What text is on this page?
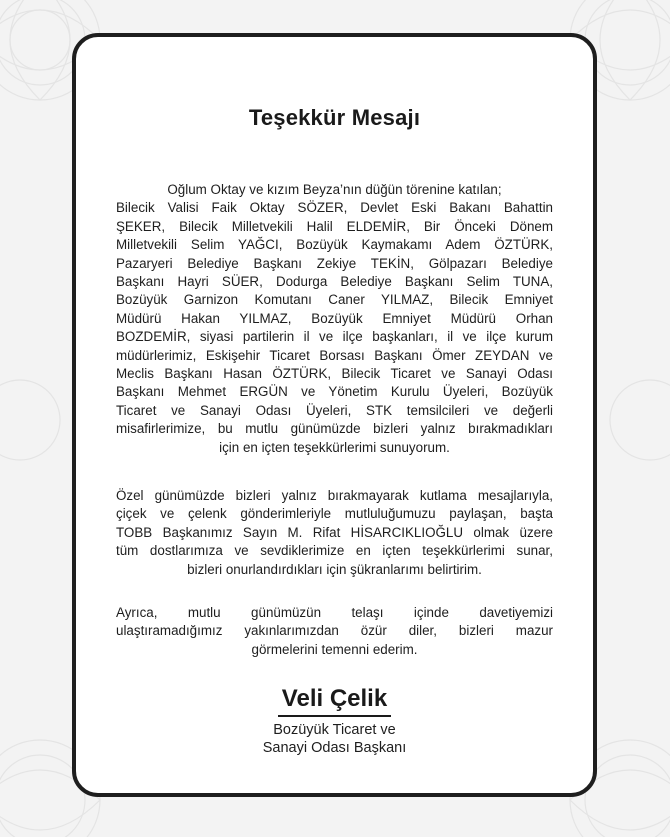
Teşekkür Mesajı
Oğlum Oktay ve kızım Beyza’nın düğün törenine katılan;
Bilecik Valisi Faik Oktay SÖZER, Devlet Eski Bakanı Bahattin
ŞEKER, Bilecik Milletvekili Halil ELDEMİR, Bir Önceki Dönem
Milletvekili Selim YAĞCI, Bozüyük Kaymakamı Adem ÖZTÜRK,
Pazaryeri Belediye Başkanı Zekiye TEKİN, Gölpazarı Belediye
Başkanı Hayri SÜER, Dodurga Belediye Başkanı Selim TUNA,
Bozüyük Garnizon Komutanı Caner YILMAZ, Bilecik Emniyet
Müdürü Hakan YILMAZ, Bozüyük Emniyet Müdürü Orhan
BOZDEMİR, siyasi partilerin il ve ilçe başkanları, il ve ilçe kurum
müdürlerimiz, Eskişehir Ticaret Borsası Başkanı Ömer ZEYDAN ve
Meclis Başkanı Hasan ÖZTÜRK, Bilecik Ticaret ve Sanayi Odası
Başkanı Mehmet ERGÜN ve Yönetim Kurulu Üyeleri, Bozüyük
Ticaret ve Sanayi Odası Üyeleri, STK temsilcileri ve değerli
misafirlerimize, bu mutlu günümüzde bizleri yalnız bırakmadıkları
için en içten teşekkürlerimi sunuyorum.
Özel günümüzde bizleri yalnız bırakmayarak kutlama mesajlarıyla,
çiçek ve çelenk gönderimleriyle mutluluğumuzu paylaşan, başta
TOBB Başkanımız Sayın M. Rifat HİSARCIKLIOĞLU olmak üzere
tüm dostlarımıza ve sevdiklerimize en içten teşekkürlerimi sunar,
bizleri onurlandırdıkları için şükranlarımı belirtirim.
Ayrıca, mutlu günümüzün telaşı içinde davetiyemizi
ulaştıramadığımız yakınlarımızdan özür diler, bizleri mazur
görmelerini temenni ederim.
Veli Çelik
Bozüyük Ticaret ve
Sanayi Odası Başkanı
